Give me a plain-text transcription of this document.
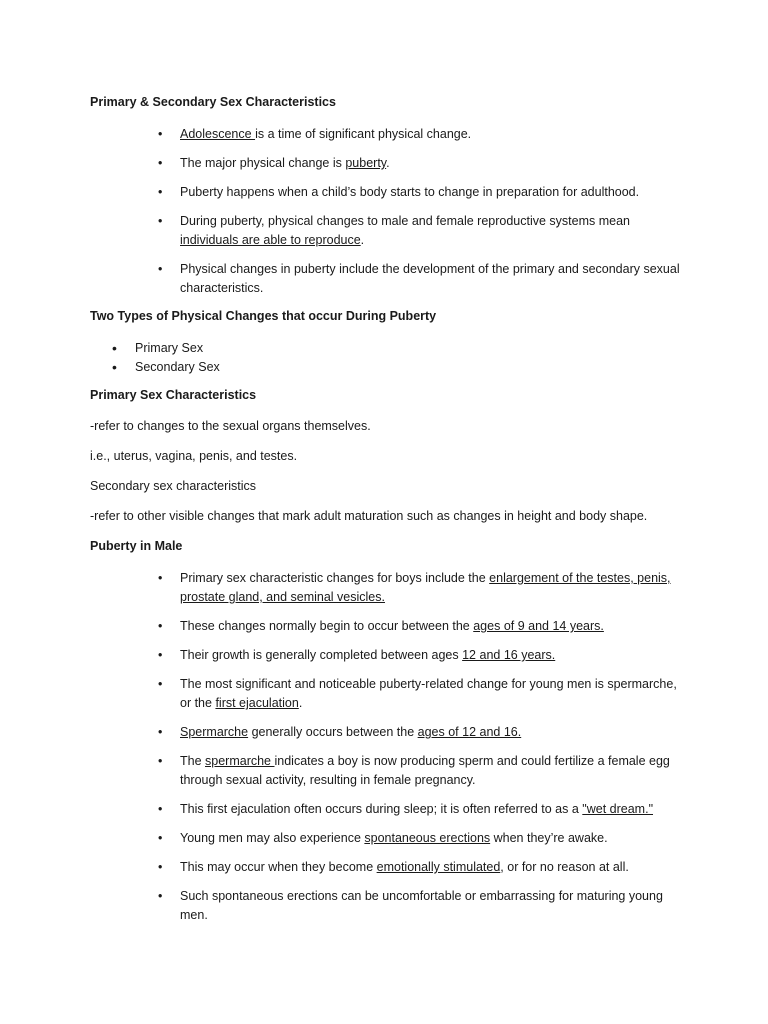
Primary & Secondary Sex Characteristics

• Adolescence is a time of significant physical change.
• The major physical change is puberty.
• Puberty happens when a child’s body starts to change in preparation for adulthood.
• During puberty, physical changes to male and female reproductive systems mean individuals are able to reproduce.
• Physical changes in puberty include the development of the primary and secondary sexual characteristics.

Two Types of Physical Changes that occur During Puberty

• Primary Sex
• Secondary Sex

Primary Sex Characteristics

-refer to changes to the sexual organs themselves.

i.e., uterus, vagina, penis, and testes.

Secondary sex characteristics

-refer to other visible changes that mark adult maturation such as changes in height and body shape.

Puberty in Male

• Primary sex characteristic changes for boys include the enlargement of the testes, penis, prostate gland, and seminal vesicles.
• These changes normally begin to occur between the ages of 9 and 14 years.
• Their growth is generally completed between ages 12 and 16 years.
• The most significant and noticeable puberty-related change for young men is spermarche, or the first ejaculation.
• Spermarche generally occurs between the ages of 12 and 16.
• The spermarche indicates a boy is now producing sperm and could fertilize a female egg through sexual activity, resulting in female pregnancy.
• This first ejaculation often occurs during sleep; it is often referred to as a "wet dream."
• Young men may also experience spontaneous erections when they’re awake.
• This may occur when they become emotionally stimulated, or for no reason at all.
• Such spontaneous erections can be uncomfortable or embarrassing for maturing young men.
